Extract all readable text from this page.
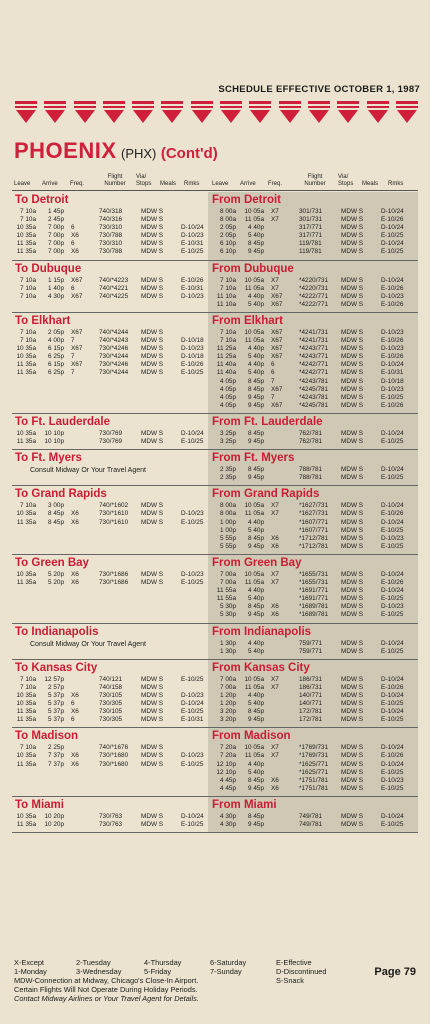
SCHEDULE EFFECTIVE OCTOBER 1, 1987
PHOENIX (PHX) (Cont'd)
Leave Arrive Freq.
Flight Number
Via/ Stops	Meals Rmks Leave Arrive Freq.
Flight Number
Via/ Stops	Meals Rmks
To Detroit
7 10a	1 45p	740/318	MDW S
7 10a	2 45p	740/316	MDW S
10 35a	7 00p 6	730/310	MDW S	D-10/24
10 35a	7 00p X6	730/788	MDW S	D-10/23
11 35a	7 00p 6	730/310	MDW S	E-10/31
11 35a	7 00p X6	730/788	MDW S	E-10/25
From Detroit
8 00a	10 05a X7	301/731	MDW S	D-10/24
8 00a	11 05a X7	301/731	MDW S	E-10/26
2 05p	4 40p	317/771	MDW S	D-10/24
2 05p	5 40p	317/771	MDW S	E-10/25
6 10p	8 45p	119/781	MDW S	D-10/24
6 10p	9 45p	119/781	MDW S	E-10/25
To Dubuque
7 10a	1 15p X67	740/*4223 MDW S	E-10/26
7 10a	1 40p 6	740/*4221 MDW S	E-10/31
7 10a	4 30p X67	740/*4225 MDW S	D-10/23
From Dubuque
7 10a	10 05a X7	*4220/731 MDW S	D-10/24
7 10a	11 05a X7	*4220/731 MDW S	E-10/26
11 10a	4 40p X67	*4222/771 MDW S	D-10/23
11 10a	5 40p X67	*4222/771 MDW S	E-10/26
To Elkhart
7 10a	2 05p X67	740/*4244 MDW S
7 10a	4 00p 7	740/*4243 MDW S	D-10/18
10 35a	6 15p X67	730/*4246 MDW S	D-10/23
10 35a	6 25p 7	730/*4244 MDW S	D-10/18
11 35a	6 15p X67	730/*4246 MDW S	E-10/26
11 35a	6 25p 7	730/*4244 MDW S	E-10/25
From Elkhart
7 10a	10 05a X67	*4241/731 MDW S	D-10/23
7 10a	11 05a X67	*4241/731 MDW S	E-10/26
11 25a	4 40p X67	*4243/771 MDW S	D-10/23
11 25a	5 40p X67	*4243/771 MDW S	E-10/26
11 40a	4 40p 6	*4242/771 MDW S	D-10/24
11 40a	5 40p 6	*4242/771 MDW S	E-10/31
4 05p	8 45p 7	*4243/781 MDW S	D-10/18
4 05p	8 45p X67	*4245/781 MDW S	D-10/23
4 05p	9 45p 7	*4243/781 MDW S	E-10/25
4 05p	9 45p X67	*4245/781 MDW S	E-10/26
To Ft. Lauderdale
10 35a	10 10p	730/769	MDW S	D-10/24
11 35a	10 10p	730/769	MDW S	E-10/25
From Ft. Lauderdale
3 25p	8 45p	762/781	MDW S	D-10/24
3 25p	9 45p	762/781	MDW S	E-10/25
To Ft. Myers
Consult Midway Or Your Travel Agent
From Ft. Myers
2 35p	8 45p	788/781	MDW S	D-10/24
2 35p	9 45p	788/781	MDW S	E-10/25
To Grand Rapids
7 10a	3 00p	740/*1602 MDW S
10 35a	8 45p X6	730/*1610 MDW S	D-10/23
11 35a	8 45p X6	730/*1610 MDW S	E-10/25
From Grand Rapids
8 00a	10 05a X7	*1627/731 MDW S	D-10/24
8 00a	11 05a X7	*1627/731 MDW S	E-10/26
1 00p	4 40p	*1607/771 MDW S	D-10/24
1 00p	5 40p	*1607/771 MDW S	E-10/25
5 55p	8 45p X6	*1712/781 MDW S	D-10/23
5 55p	9 45p X6	*1712/781 MDW S	E-10/25
To Green Bay
10 35a	5 20p X6	730/*1686 MDW S	D-10/23
11 35a	5 20p X6	730/*1686 MDW S	E-10/25
From Green Bay
7 00a	10 05a X7	*1655/731 MDW S	D-10/24
7 00a	11 05a X7	*1655/731 MDW S	E-10/26
11 55a	4 40p	*1691/771 MDW S	D-10/24
11 55a	5 40p	*1691/771 MDW S	E-10/25
5 30p	8 45p X6	*1689/781 MDW S	D-10/23
5 30p	9 45p X6	*1689/781 MDW S	E-10/25
To Indianapolis
Consult Midway Or Your Travel Agent
From Indianapolis
1 30p	4 40p	759/771	MDW S	D-10/24
1 30p	5 40p	759/771	MDW S	E-10/25
To Kansas City
7 10a	12 57p	740/121	MDW S	E-10/25
7 10a	2 57p	740/158	MDW S
10 35a	5 37p X6	730/105	MDW S	D-10/23
10 35a	5 37p 6	730/305	MDW S	D-10/24
11 35a	5 37p X6	730/105	MDW S	E-10/25
11 35a	5 37p 6	730/305	MDW S	E-10/31
From Kansas City
7 00a	10 05a X7	186/731	MDW S	D-10/24
7 00a	11 05a X7	186/731	MDW S	E-10/26
1 20p	4 40p	140/771	MDW S	D-10/24
1 20p	5 40p	140/771	MDW S	E-10/25
3 20p	8 45p	172/781	MDW S	D-10/24
3 20p	9 45p	172/781	MDW S	E-10/25
To Madison
7 10a	2 25p	740/*1676 MDW S
10 35a	7 37p X6	730/*1680 MDW S	D-10/23
11 35a	7 37p X6	730/*1680 MDW S	E-10/25
From Madison
7 20a	10 05a X7	*1769/731 MDW S	D-10/24
7 20a	11 05a X7	*1769/731 MDW S	E-10/26
12 10p	4 40p	*1625/771 MDW S	D-10/24
12 10p	5 40p	*1625/771 MDW S	E-10/25
4 45p	8 45p X6	*1751/781 MDW S	D-10/23
4 45p	9 45p X6	*1751/781 MDW S	E-10/25
To Miami
10 35a	10 20p	730/763	MDW S	D-10/24
11 35a	10 20p	730/763	MDW S	E-10/25
From Miami
4 30p	8 45p	749/781	MDW S	D-10/24
4 30p	9 45p	749/781	MDW S	E-10/25
X-Except	2-Tuesday	4-Thursday	6-Saturday	E-Effective
1-Monday	3-Wednesday	5-Friday	7-Sunday	D-Discontinued
MDW-Connection at Midway, Chicago's Close-In Airport.	S-Snack
Certain Flights Will Not Operate During Holiday Periods.
Contact Midway Airlines or Your Travel Agent for Details.
Page 79
